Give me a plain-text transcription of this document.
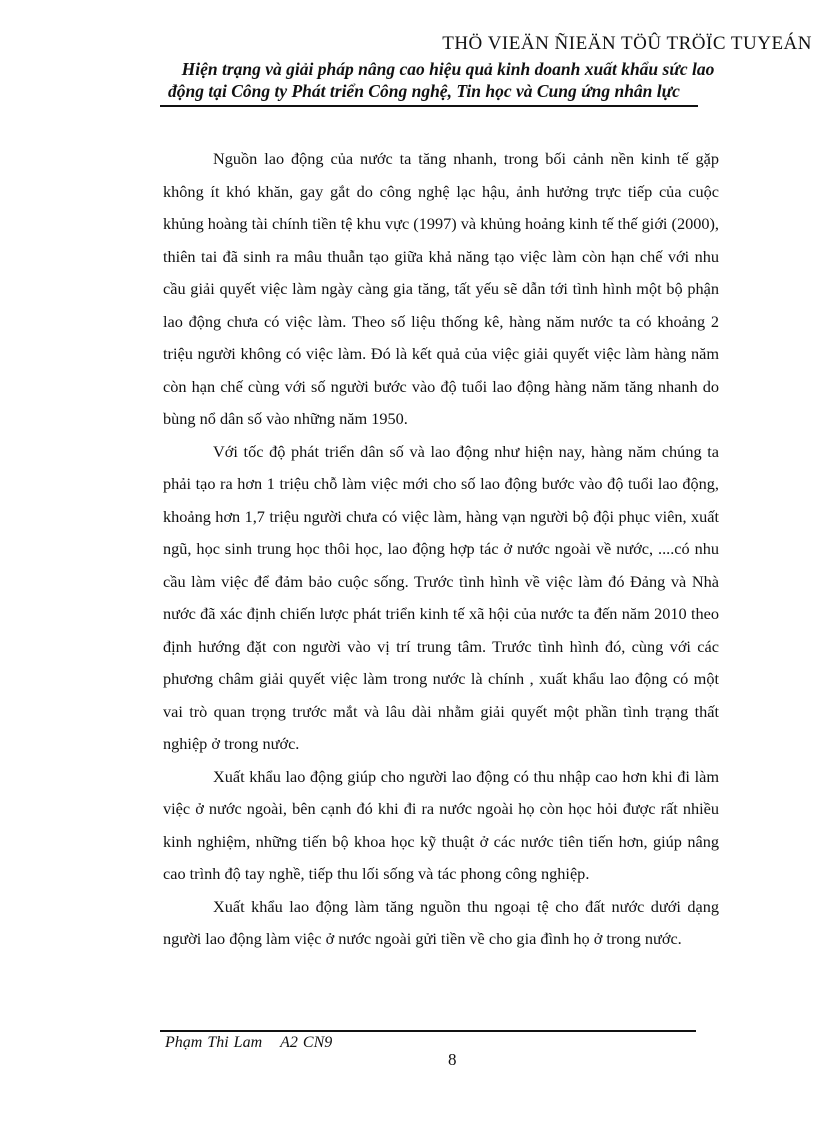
THÖ VIEÄN ÑIEÄN TÖÛ TRÖÏC TUYEÁN
Hiện trạng và giải pháp nâng cao hiệu quả kinh doanh xuất khẩu sức lao
động tại Công ty Phát triển Công nghệ, Tin học và Cung ứng nhân lực

Nguồn lao động của nước ta tăng nhanh, trong bối cảnh nền kinh tế gặp không ít khó khăn, gay gắt do công nghệ lạc hậu, ảnh hưởng trực tiếp của cuộc khủng hoàng tài chính tiền tệ khu vực (1997) và khủng hoảng kinh tế thế giới (2000), thiên tai đã sinh ra mâu thuẫn tạo giữa khả năng tạo việc làm còn hạn chế với nhu cầu giải quyết việc làm ngày càng gia tăng, tất yếu sẽ dẫn tới tình hình một bộ phận lao động chưa có việc làm. Theo số liệu thống kê, hàng năm nước ta có khoảng 2 triệu người không có việc làm. Đó là kết quả của việc giải quyết việc làm hàng năm còn hạn chế cùng với số người bước vào độ tuổi lao động hàng năm tăng nhanh do bùng nổ dân số vào những năm 1950.

Với tốc độ phát triển dân số và lao động như hiện nay, hàng năm chúng ta phải tạo ra hơn 1 triệu chỗ làm việc mới cho số lao động bước vào độ tuổi lao động, khoảng hơn 1,7 triệu người chưa có việc làm, hàng vạn người bộ đội phục viên, xuất ngũ, học sinh trung học thôi học, lao động hợp tác ở nước ngoài về nước, ....có nhu cầu làm việc để đảm bảo cuộc sống. Trước tình hình về việc làm đó Đảng và Nhà nước đã xác định chiến lược phát triển kinh tế xã hội của nước ta đến năm 2010 theo định hướng đặt con người vào vị trí trung tâm. Trước tình hình đó, cùng với các phương châm giải quyết việc làm trong nước là chính , xuất khẩu lao động có một vai trò quan trọng trước mắt và lâu dài nhằm giải quyết một phần tình trạng thất nghiệp ở trong nước.

Xuất khẩu lao động giúp cho người lao động có thu nhập cao hơn khi đi làm việc ở nước ngoài, bên cạnh đó khi đi ra nước ngoài họ còn học hỏi được rất nhiều kinh nghiệm, những tiến bộ khoa học kỹ thuật ở các nước tiên tiến hơn, giúp nâng cao trình độ tay nghề, tiếp thu lối sống và tác phong công nghiệp.

Xuất khẩu lao động làm tăng nguồn thu ngoại tệ cho đất nước dưới dạng người lao động làm việc ở nước ngoài gửi tiền về cho gia đình họ ở trong nước.

Phạm Thi Lam A2 CN9
8
